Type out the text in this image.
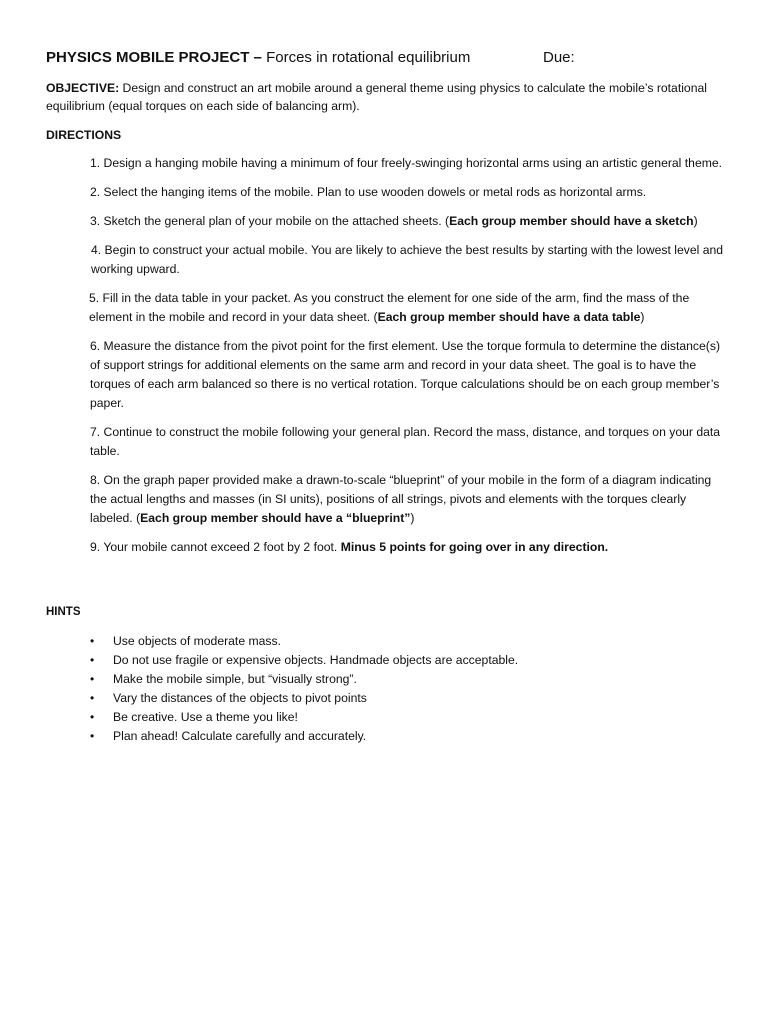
PHYSICS MOBILE PROJECT – Forces in rotational equilibrium	Due:
OBJECTIVE: Design and construct an art mobile around a general theme using physics to calculate the mobile’s rotational equilibrium (equal torques on each side of balancing arm).
DIRECTIONS
1. Design a hanging mobile having a minimum of four freely-swinging horizontal arms using an artistic general theme.
2. Select the hanging items of the mobile. Plan to use wooden dowels or metal rods as horizontal arms.
3. Sketch the general plan of your mobile on the attached sheets. (Each group member should have a sketch)
4. Begin to construct your actual mobile. You are likely to achieve the best results by starting with the lowest level and working upward.
5. Fill in the data table in your packet. As you construct the element for one side of the arm, find the mass of the element in the mobile and record in your data sheet. (Each group member should have a data table)
6. Measure the distance from the pivot point for the first element. Use the torque formula to determine the distance(s) of support strings for additional elements on the same arm and record in your data sheet. The goal is to have the torques of each arm balanced so there is no vertical rotation. Torque calculations should be on each group member’s paper.
7. Continue to construct the mobile following your general plan. Record the mass, distance, and torques on your data table.
8. On the graph paper provided make a drawn-to-scale “blueprint” of your mobile in the form of a diagram indicating the actual lengths and masses (in SI units), positions of all strings, pivots and elements with the torques clearly labeled. (Each group member should have a “blueprint”)
9. Your mobile cannot exceed 2 foot by 2 foot. Minus 5 points for going over in any direction.
HINTS
• Use objects of moderate mass.
• Do not use fragile or expensive objects. Handmade objects are acceptable.
• Make the mobile simple, but “visually strong”.
• Vary the distances of the objects to pivot points
• Be creative. Use a theme you like!
• Plan ahead! Calculate carefully and accurately.
